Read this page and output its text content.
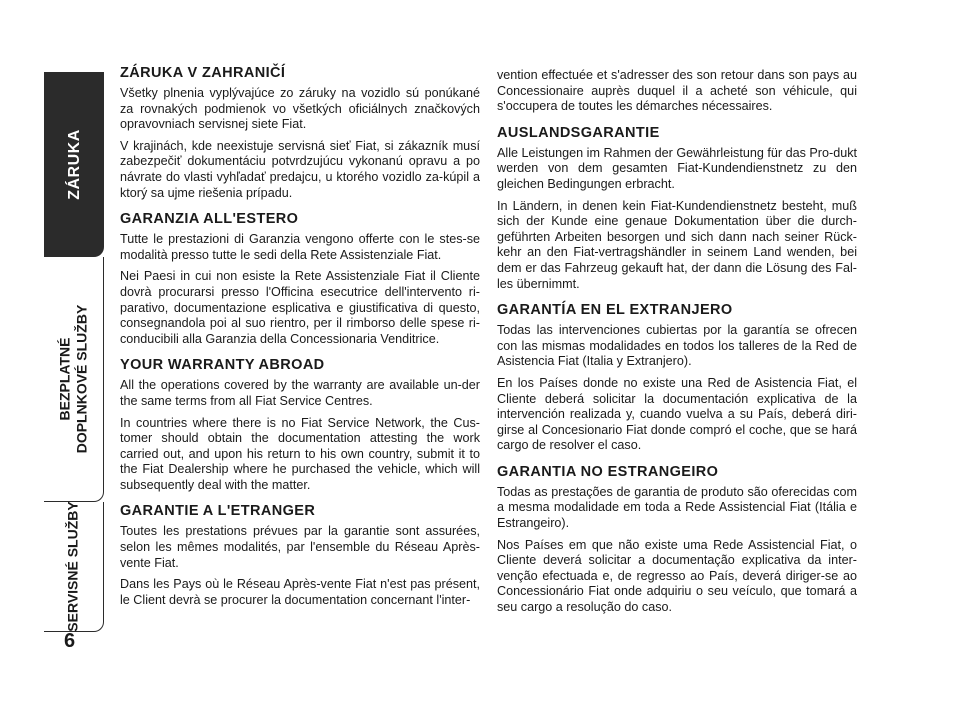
ZÁRUKA
BEZPLATNÉ DOPLNKOVÉ SLUŽBY
SERVISNÉ SLUŽBY
6
ZÁRUKA V ZAHRANIČÍ

Všetky plnenia vyplývajúce zo záruky na vozidlo sú ponúkané za rovnakých podmienok vo všetkých oficiálnych značkových opravovniach servisnej siete Fiat.

V krajinách, kde neexistuje servisná sieť Fiat, si zákazník musí zabezpečiť dokumentáciu potvrdzujúcu vykonanú opravu a po návrate do vlasti vyhľadať predajcu, u ktorého vozidlo za-kúpil a ktorý sa ujme riešenia prípadu.

GARANZIA ALL'ESTERO

Tutte le prestazioni di Garanzia vengono offerte con le stes-se modalità presso tutte le sedi della Rete Assistenziale Fiat.

Nei Paesi in cui non esiste la Rete Assistenziale Fiat il Cliente dovrà procurarsi presso l'Officina esecutrice dell'intervento ri-parativo, documentazione esplicativa e giustificativa di questo, consegnandola poi al suo rientro, per il rimborso delle spese ri-conducibili alla Garanzia della Concessionaria Venditrice.

YOUR WARRANTY ABROAD

All the operations covered by the warranty are available un-der the same terms from all Fiat Service Centres.

In countries where there is no Fiat Service Network, the Cus-tomer should obtain the documentation attesting the work carried out, and upon his return to his own country, submit it to the Fiat Dealership where he purchased the vehicle, which will subsequently deal with the matter.

GARANTIE A L'ETRANGER

Toutes les prestations prévues par la garantie sont assurées, selon les mêmes modalités, par l'ensemble du Réseau Après-vente Fiat.

Dans les Pays où le Réseau Après-vente Fiat n'est pas présent, le Client devrà se procurer la documentation concernant l'inter-

vention effectuée et s'adresser des son retour dans son pays au Concessionaire auprès duquel il a acheté son véhicule, qui s'occupera de toutes les démarches nécessaires.

AUSLANDSGARANTIE

Alle Leistungen im Rahmen der Gewährleistung für das Pro-dukt werden von dem gesamten Fiat-Kundendienstnetz zu den gleichen Bedingungen erbracht.

In Ländern, in denen kein Fiat-Kundendienstnetz besteht, muß sich der Kunde eine genaue Dokumentation über die durch-geführten Arbeiten besorgen und sich dann nach seiner Rück-kehr an den Fiat-vertragshändler in seinem Land wenden, bei dem er das Fahrzeug gekauft hat, der dann die Lösung des Fal-les übernimmt.

GARANTÍA EN EL EXTRANJERO

Todas las intervenciones cubiertas por la garantía se ofrecen con las mismas modalidades en todos los talleres de la Red de Asistencia Fiat (Italia y Extranjero).

En los Países donde no existe una Red de Asistencia Fiat, el Cliente deberá solicitar la documentación explicativa de la intervención realizada y, cuando vuelva a su País, deberá diri-girse al Concesionario Fiat donde compró el coche, que se hará cargo de resolver el caso.

GARANTIA NO ESTRANGEIRO

Todas as prestações de garantia de produto são oferecidas com a mesma modalidade em toda a Rede Assistencial Fiat (Itália e Estrangeiro).

Nos Países em que não existe uma Rede Assistencial Fiat, o Cliente deverá solicitar a documentação explicativa da inter-venção efectuada e, de regresso ao País, deverá diriger-se ao Concessionário Fiat onde adquiriu o seu veículo, que tomará a seu cargo a resolução do caso.
